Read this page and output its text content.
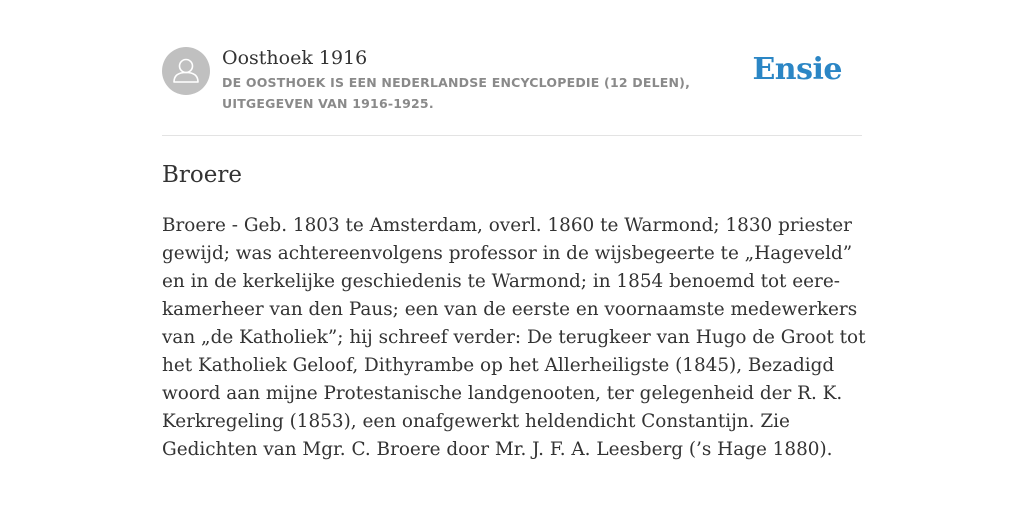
Oosthoek 1916
DE OOSTHOEK IS EEN NEDERLANDSE ENCYCLOPEDIE (12 DELEN), UITGEGEVEN VAN 1916-1925.
Ensie
Broere

Broere - Geb. 1803 te Amsterdam, overl. 1860 te Warmond; 1830 priester gewijd; was achtereenvolgens professor in de wijsbegeerte te „Hageveld” en in de kerkelijke geschiedenis te Warmond; in 1854 benoemd tot eere-kamerheer van den Paus; een van de eerste en voornaamste medewerkers van „de Katholiek”; hij schreef verder: De terugkeer van Hugo de Groot tot het Katholiek Geloof, Dithyrambe op het Allerheiligste (1845), Bezadigd woord aan mijne Protestanische landgenooten, ter gelegenheid der R. K. Kerkregeling (1853), een onafgewerkt heldendicht Constantijn. Zie Gedichten van Mgr. C. Broere door Mr. J. F. A. Leesberg (’s Hage 1880).
